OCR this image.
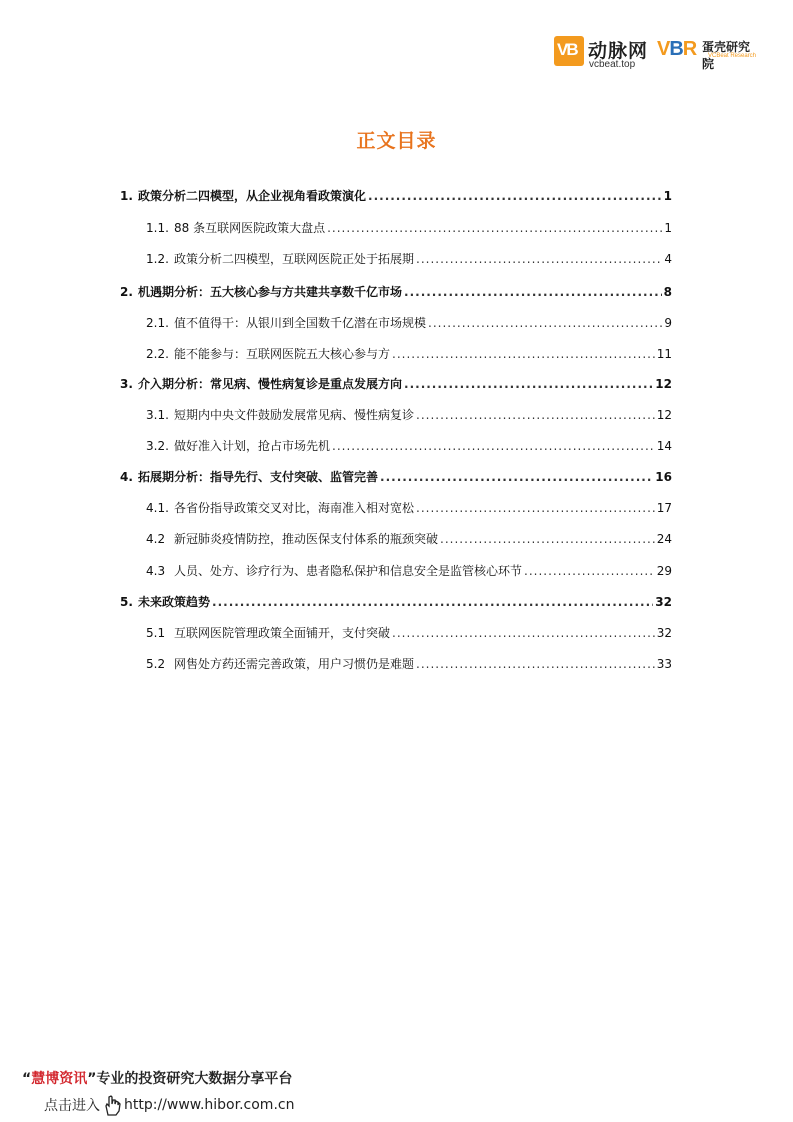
VB 动脉网
vcbeat.top
VBR 蛋壳研究院
VCBeat Research
正文目录
1. 政策分析二四模型，从企业视角看政策演化 .....	1
1.1. 88 条互联网医院政策大盘点 .....	1
1.2. 政策分析二四模型，互联网医院正处于拓展期 .....	4
2. 机遇期分析：五大核心参与方共建共享数千亿市场 .....	8
2.1. 值不值得干：从银川到全国数千亿潜在市场规模 .....	9
2.2. 能不能参与：互联网医院五大核心参与方 .....	11
3. 介入期分析：常见病、慢性病复诊是重点发展方向 .....	12
3.1. 短期内中央文件鼓励发展常见病、慢性病复诊 .....	12
3.2. 做好准入计划，抢占市场先机 .....	14
4. 拓展期分析：指导先行、支付突破、监管完善 .....	16
4.1. 各省份指导政策交叉对比，海南准入相对宽松 .....	17
4.2 新冠肺炎疫情防控，推动医保支付体系的瓶颈突破 .....	24
4.3 人员、处方、诊疗行为、患者隐私保护和信息安全是监管核心环节 .....	29
5. 未来政策趋势 .....	32
5.1 互联网医院管理政策全面铺开，支付突破 .....	32
5.2 网售处方药还需完善政策，用户习惯仍是难题 .....	33
“慧博资讯”专业的投资研究大数据分享平台
点击进入 http://www.hibor.com.cn
